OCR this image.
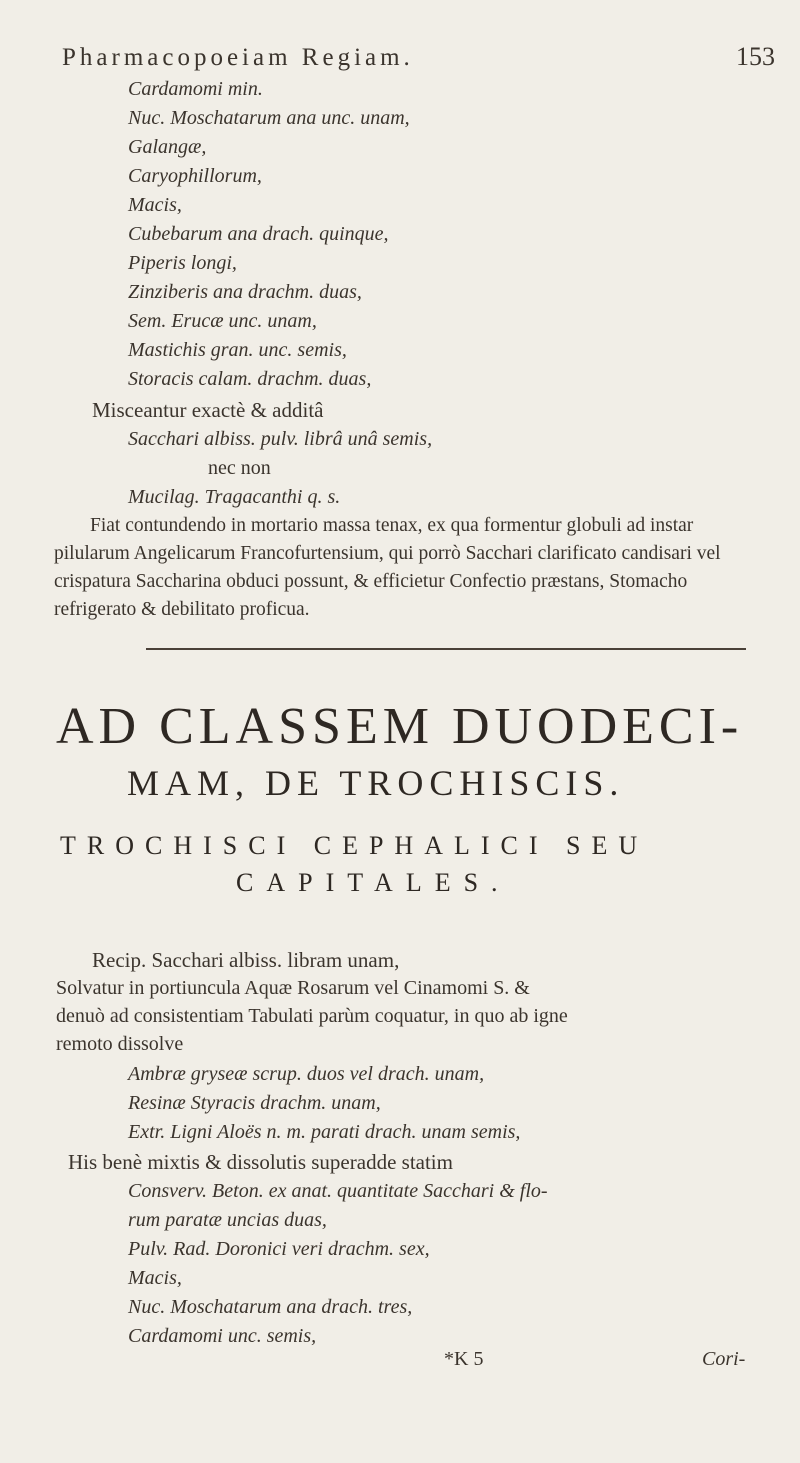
Pharmacopoeiam Regiam.	153
Cardamomi min.
Nuc. Moschatarum ana unc. unam,
Galangæ,
Caryophillorum,
Macis,
Cubebarum ana drach. quinque,
Piperis longi,
Zinziberis ana drachm. duas,
Sem. Erucæ unc. unam,
Mastichis gran. unc. semis,
Storacis calam. drachm. duas,
Misceantur exactè & additâ
Sacchari albiss. pulv. librâ unâ semis,
nec non
Mucilag. Tragacanthi q. s.
Fiat contundendo in mortario massa tenax, ex qua formentur globuli ad instar pilularum Angelicarum Francofurtensium, qui porrò Sacchari clarificato candisari vel crispatura Saccharina obduci possunt, & efficietur Confectio præstans, Stomacho refrigerato & debilitato proficua.
AD CLASSEM DUODECI-
MAM, DE TROCHISCIS.
TROCHISCI CEPHALICI SEU
CAPITALES.
Recip. Sacchari albiss. libram unam,
Solvatur in portiuncula Aquæ Rosarum vel Cinamomi S. &
denuò ad consistentiam Tabulati parùm coquatur, in quo ab igne
remoto dissolve
Ambræ gryseæ scrup. duos vel drach. unam,
Resinæ Styracis drachm. unam,
Extr. Ligni Aloës n. m. parati drach. unam semis,
His benè mixtis & dissolutis superadde statim
Consverv. Beton. ex anat. quantitate Sacchari & flo-
rum paratæ uncias duas,
Pulv. Rad. Doronici veri drachm. sex,
Macis,
Nuc. Moschatarum ana drach. tres,
Cardamomi unc. semis,
*K 5	Cori-
